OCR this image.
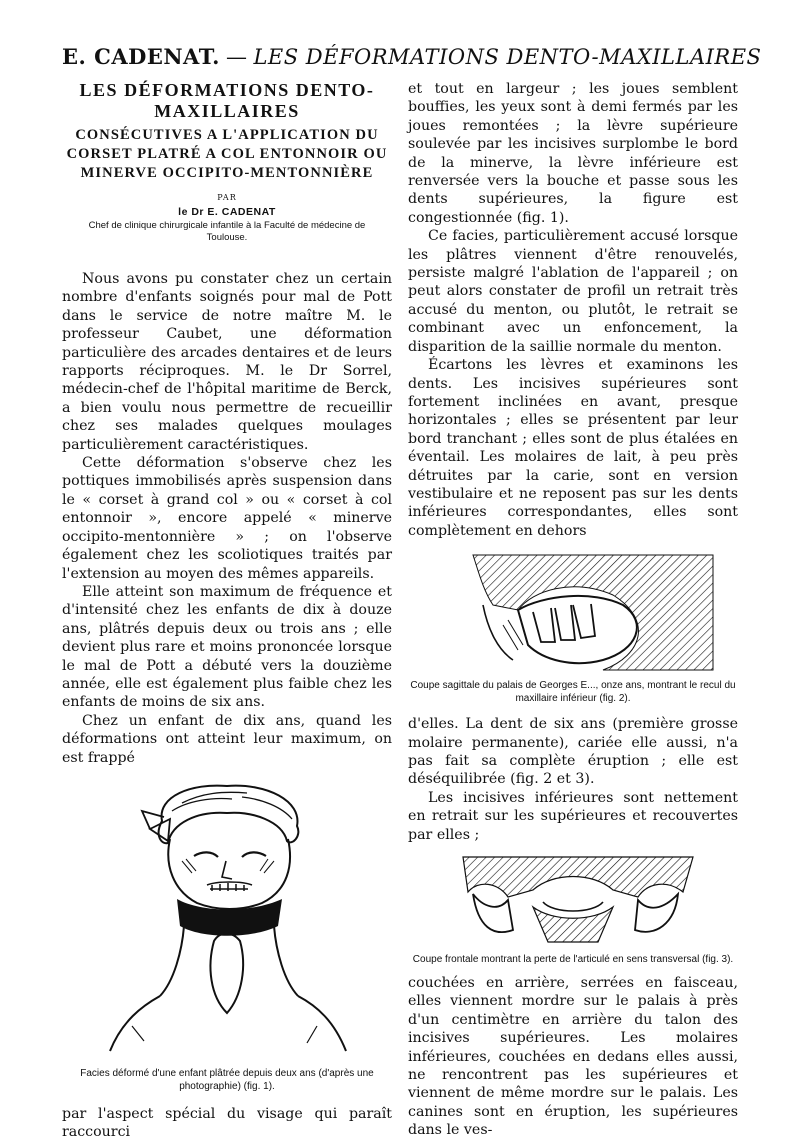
E. CADENAT. — LES DÉFORMATIONS DENTO-MAXILLAIRES
LES DÉFORMATIONS DENTO-MAXILLAIRES
CONSÉCUTIVES A L'APPLICATION DU CORSET PLATRÉ A COL ENTONNOIR OU MINERVE OCCIPITO-MENTONNIÈRE
PAR
le Dr E. CADENAT
Chef de clinique chirurgicale infantile à la Faculté de médecine de Toulouse.

Nous avons pu constater chez un certain nombre d'enfants soignés pour mal de Pott dans le service de notre maître M. le professeur Caubet, une déformation particulière des arcades dentaires et de leurs rapports réciproques. M. le Dr Sorrel, médecin-chef de l'hôpital maritime de Berck, a bien voulu nous permettre de recueillir chez ses malades quelques moulages particulièrement caractéristiques.

Cette déformation s'observe chez les pottiques immobilisés après suspension dans le « corset à grand col » ou « corset à col entonnoir », encore appelé « minerve occipito-mentonnière » ; on l'observe également chez les scoliotiques traités par l'extension au moyen des mêmes appareils.

Elle atteint son maximum de fréquence et d'intensité chez les enfants de dix à douze ans, plâtrés depuis deux ou trois ans ; elle devient plus rare et moins prononcée lorsque le mal de Pott a débuté vers la douzième année, elle est également plus faible chez les enfants de moins de six ans.

Chez un enfant de dix ans, quand les déformations ont atteint leur maximum, on est frappé

Facies déformé d'une enfant plâtrée depuis deux ans (d'après une photographie) (fig. 1).

par l'aspect spécial du visage qui paraît raccourci

et tout en largeur ; les joues semblent bouffies, les yeux sont à demi fermés par les joues remontées ; la lèvre supérieure soulevée par les incisives surplombe le bord de la minerve, la lèvre inférieure est renversée vers la bouche et passe sous les dents supérieures, la figure est congestionnée (fig. 1).

Ce facies, particulièrement accusé lorsque les plâtres viennent d'être renouvelés, persiste malgré l'ablation de l'appareil ; on peut alors constater de profil un retrait très accusé du menton, ou plutôt, le retrait se combinant avec un enfoncement, la disparition de la saillie normale du menton.

Écartons les lèvres et examinons les dents. Les incisives supérieures sont fortement inclinées en avant, presque horizontales ; elles se présentent par leur bord tranchant ; elles sont de plus étalées en éventail. Les molaires de lait, à peu près détruites par la carie, sont en version vestibulaire et ne reposent pas sur les dents inférieures correspondantes, elles sont complètement en dehors

Coupe sagittale du palais de Georges E..., onze ans, montrant le recul du maxillaire inférieur (fig. 2).

d'elles. La dent de six ans (première grosse molaire permanente), cariée elle aussi, n'a pas fait sa complète éruption ; elle est déséquilibrée (fig. 2 et 3).

Les incisives inférieures sont nettement en retrait sur les supérieures et recouvertes par elles ;

Coupe frontale montrant la perte de l'articulé en sens transversal (fig. 3).

couchées en arrière, serrées en faisceau, elles viennent mordre sur le palais à près d'un centimètre en arrière du talon des incisives supérieures. Les molaires inférieures, couchées en dedans elles aussi, ne rencontrent pas les supérieures et viennent de même mordre sur le palais. Les canines sont en éruption, les supérieures dans le ves-
